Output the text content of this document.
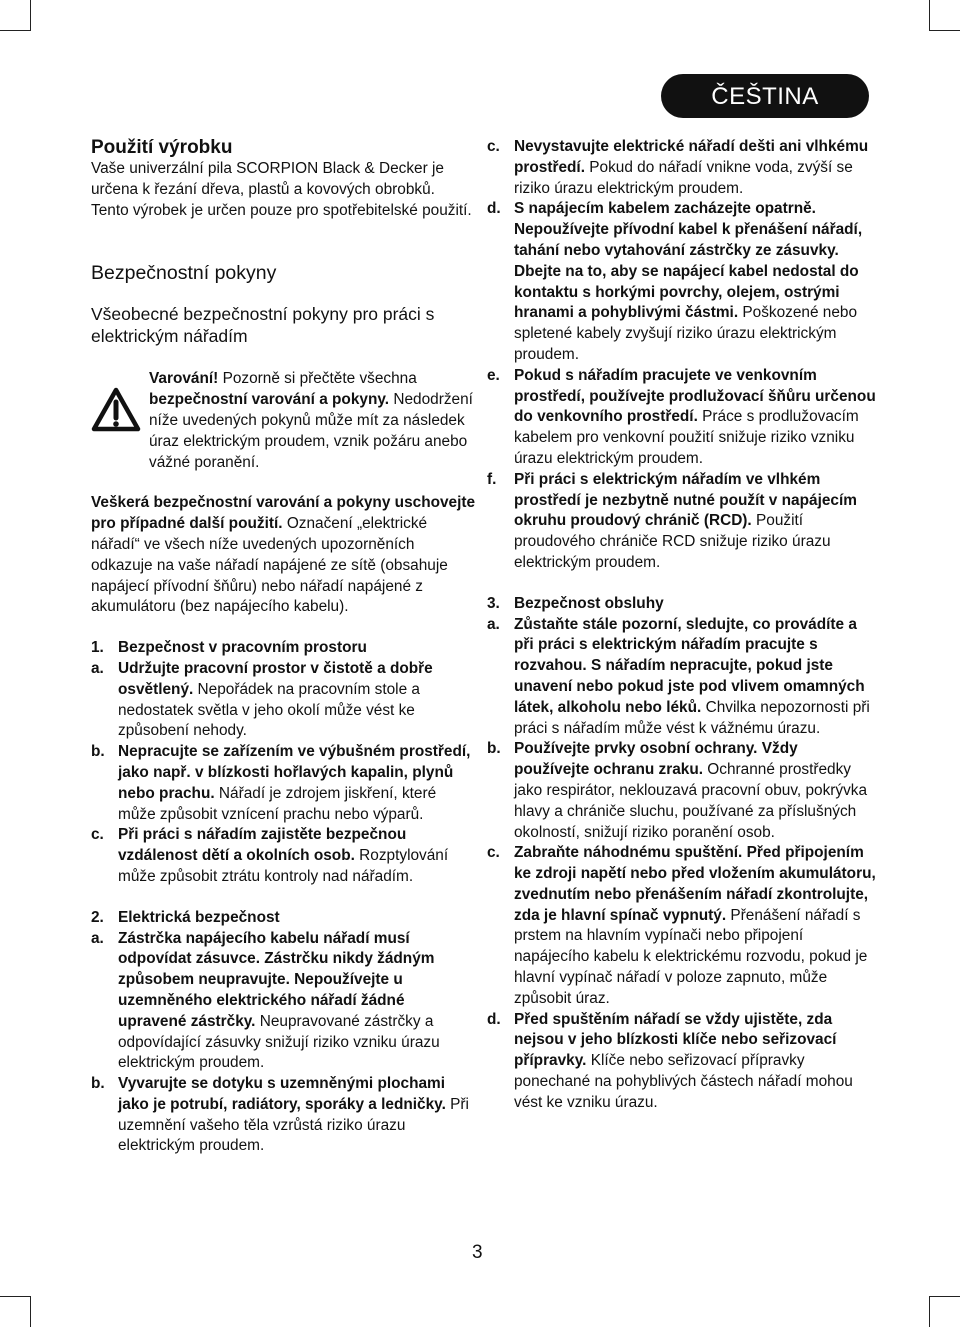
ČEŠTINA
Použití výrobku

Vaše univerzální pila SCORPION Black & Decker je určena k řezání dřeva, plastů a kovových obrobků. Tento výrobek je určen pouze pro spotřebitelské použití.

Bezpečnostní pokyny
Všeobecné bezpečnostní pokyny pro práci s elektrickým nářadím

Varování! Pozorně si přečtěte všechna bezpečnostní varování a pokyny. Nedodržení níže uvedených pokynů může mít za následek úraz elektrickým proudem, vznik požáru anebo vážné poranění.

Veškerá bezpečnostní varování a pokyny uschovejte pro případné další použití. Označení „elektrické nářadí“ ve všech níže uvedených upozorněních odkazuje na vaše nářadí napájené ze sítě (obsahuje napájecí přívodní šňůru) nebo nářadí napájené z akumulátoru (bez napájecího kabelu).

1. Bezpečnost v pracovním prostoru
a. Udržujte pracovní prostor v čistotě a dobře osvětlený. Nepořádek na pracovním stole a nedostatek světla v jeho okolí může vést ke způsobení nehody.
b. Nepracujte se zařízením ve výbušném prostředí, jako např. v blízkosti hořlavých kapalin, plynů nebo prachu. Nářadí je zdrojem jiskření, které může způsobit vznícení prachu nebo výparů.
c. Při práci s nářadím zajistěte bezpečnou vzdálenost dětí a okolních osob. Rozptylování může způsobit ztrátu kontroly nad nářadím.
2. Elektrická bezpečnost
a. Zástrčka napájecího kabelu nářadí musí odpovídat zásuvce. Zástrčku nikdy žádným způsobem neupravujte. Nepoužívejte u uzemněného elektrického nářadí žádné upravené zástrčky. Neupravované zástrčky a odpovídající zásuvky snižují riziko vzniku úrazu elektrickým proudem.
b. Vyvarujte se dotyku s uzemněnými plochami jako je potrubí, radiátory, sporáky a ledničky. Při uzemnění vašeho těla vzrůstá riziko úrazu elektrickým proudem.
c. Nevystavujte elektrické nářadí dešti ani vlhkému prostředí. Pokud do nářadí vnikne voda, zvýší se riziko úrazu elektrickým proudem.
d. S napájecím kabelem zacházejte opatrně. Nepoužívejte přívodní kabel k přenášení nářadí, tahání nebo vytahování zástrčky ze zásuvky. Dbejte na to, aby se napájecí kabel nedostal do kontaktu s horkými povrchy, olejem, ostrými hranami a pohyblivými částmi. Poškozené nebo spletené kabely zvyšují riziko úrazu elektrickým proudem.
e. Pokud s nářadím pracujete ve venkovním prostředí, používejte prodlužovací šňůru určenou do venkovního prostředí. Práce s prodlužovacím kabelem pro venkovní použití snižuje riziko vzniku úrazu elektrickým proudem.
f. Při práci s elektrickým nářadím ve vlhkém prostředí je nezbytně nutné použít v napájecím okruhu proudový chránič (RCD). Použití proudového chrániče RCD snižuje riziko úrazu elektrickým proudem.
3. Bezpečnost obsluhy
a. Zůstaňte stále pozorní, sledujte, co provádíte a při práci s elektrickým nářadím pracujte s rozvahou. S nářadím nepracujte, pokud jste unavení nebo pokud jste pod vlivem omamných látek, alkoholu nebo léků. Chvilka nepozornosti při práci s nářadím může vést k vážnému úrazu.
b. Používejte prvky osobní ochrany. Vždy používejte ochranu zraku. Ochranné prostředky jako respirátor, neklouzavá pracovní obuv, pokrývka hlavy a chrániče sluchu, používané za příslušných okolností, snižují riziko poranění osob.
c. Zabraňte náhodnému spuštění. Před připojením ke zdroji napětí nebo před vložením akumulátoru, zvednutím nebo přenášením nářadí zkontrolujte, zda je hlavní spínač vypnutý. Přenášení nářadí s prstem na hlavním vypínači nebo připojení napájecího kabelu k elektrickému rozvodu, pokud je hlavní vypínač nářadí v poloze zapnuto, může způsobit úraz.
d. Před spuštěním nářadí se vždy ujistěte, zda nejsou v jeho blízkosti klíče nebo seřizovací přípravky. Klíče nebo seřizovací přípravky ponechané na pohyblivých částech nářadí mohou vést ke vzniku úrazu.
3
